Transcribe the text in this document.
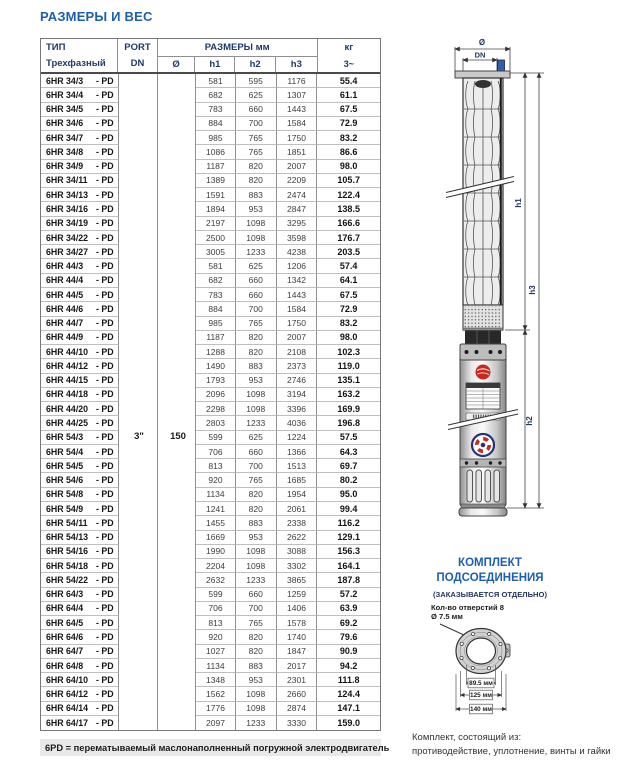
РАЗМЕРЫ И ВЕС
ТИП
Трехфазный
PORT
DN
РАЗМЕРЫ мм
Ø	h1	h2	h3
кг
3~
6HR 34/3	- PD	581	595	1176	55.4
6HR 34/4	- PD	682	625	1307	61.1
6HR 34/5	- PD	783	660	1443	67.5
6HR 34/6	- PD	884	700	1584	72.9
6HR 34/7	- PD	985	765	1750	83.2
6HR 34/8	- PD	1086	765	1851	86.6
6HR 34/9	- PD	1187	820	2007	98.0
6HR 34/11 - PD	1389	820	2209	105.7
6HR 34/13 - PD	1591	883	2474	122.4
6HR 34/16 - PD	1894	953	2847	138.5
6HR 34/19 - PD	2197	1098	3295	166.6
6HR 34/22 - PD	2500	1098	3598	176.7
6HR 34/27 - PD	3005	1233	4238	203.5
6HR 44/3	- PD	581	625	1206	57.4
6HR 44/4	- PD	682	660	1342	64.1
6HR 44/5	- PD	783	660	1443	67.5
6HR 44/6	- PD	884	700	1584	72.9
6HR 44/7	- PD	985	765	1750	83.2
6HR 44/9	- PD	1187	820	2007	98.0
6HR 44/10 - PD	1288	820	2108	102.3
6HR 44/12 - PD	1490	883	2373	119.0
6HR 44/15 - PD	1793	953	2746	135.1
6HR 44/18 - PD	2096	1098	3194	163.2
6HR 44/20 - PD	2298	1098	3396	169.9
6HR 44/25 - PD	2803	1233	4036	196.8
6HR 54/3	- PD	599	625	1224	57.5
6HR 54/4	- PD	706	660	1366	64.3
6HR 54/5	- PD	813	700	1513	69.7
6HR 54/6	- PD	920	765	1685	80.2
6HR 54/8	- PD	1134	820	1954	95.0
6HR 54/9	- PD	1241	820	2061	99.4
6HR 54/11 - PD	1455	883	2338	116.2
6HR 54/13 - PD	1669	953	2622	129.1
6HR 54/16 - PD	1990	1098	3088	156.3
6HR 54/18 - PD	2204	1098	3302	164.1
6HR 54/22 - PD	2632	1233	3865	187.8
6HR 64/3	- PD	599	660	1259	57.2
6HR 64/4	- PD	706	700	1406	63.9
6HR 64/5	- PD	813	765	1578	69.2
6HR 64/6	- PD	920	820	1740	79.6
6HR 64/7	- PD	1027	820	1847	90.9
6HR 64/8	- PD	1134	883	2017	94.2
6HR 64/10 - PD	1348	953	2301	111.8
6HR 64/12 - PD	1562	1098	2660	124.4
6HR 64/14 - PD	1776	1098	2874	147.1
6HR 64/17 - PD	2097	1233	3330	159.0
3"	150
6PD = перематываемый маслонаполненный погружной электродвигатель
Ø
DN
h1
h2
h3
КОМПЛЕКТ
ПОДСОЕДИНЕНИЯ
(ЗАКАЗЫВАЕТСЯ ОТДЕЛЬНО)
Кол-во отверстий 8
Ø 7.5 мм
89.5 мм
125 мм
140 мм
Комплект, состоящий из:
противодействие, уплотнение, винты и гайки
